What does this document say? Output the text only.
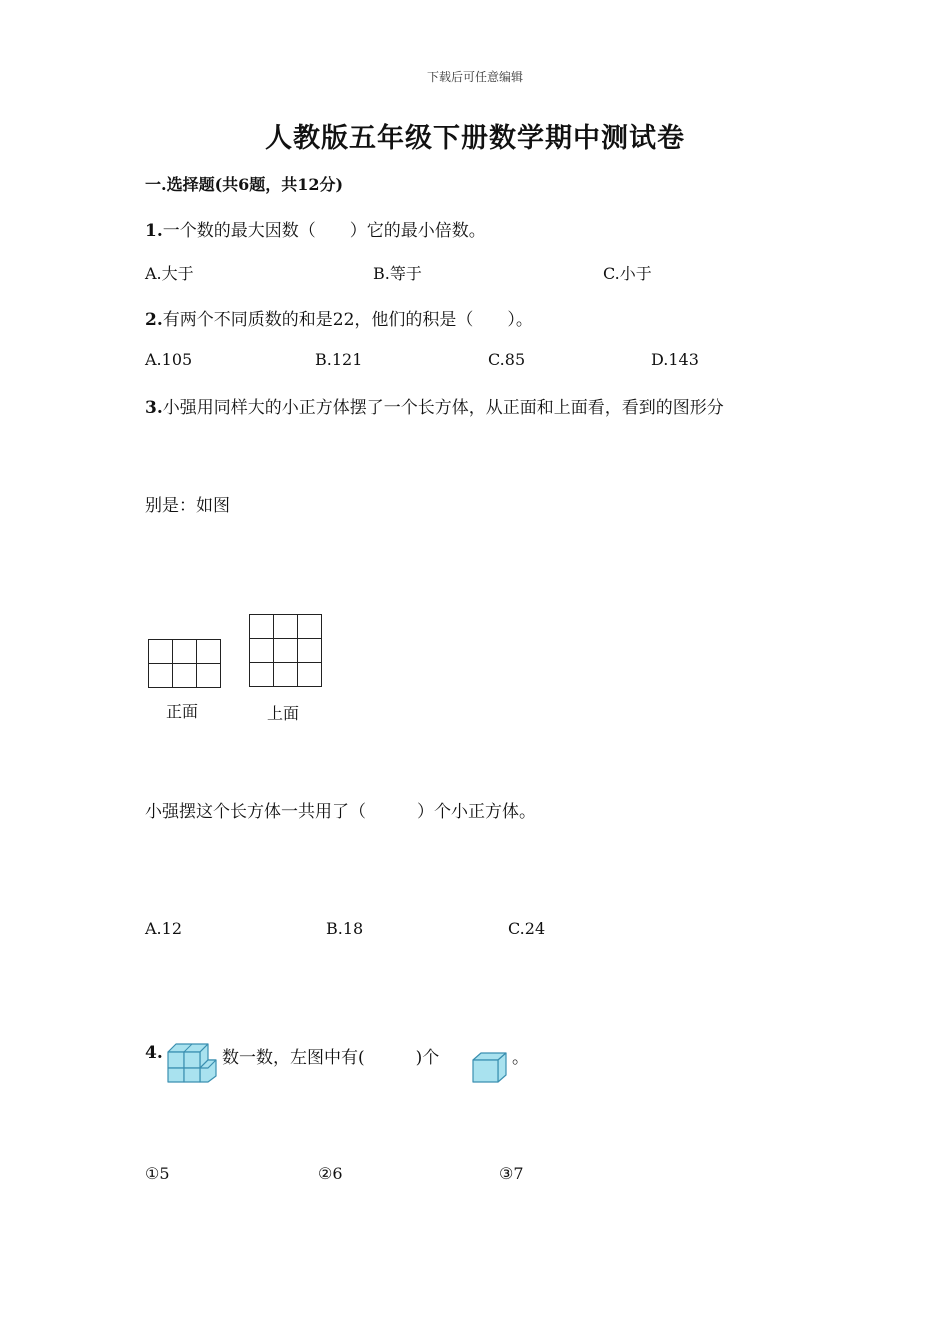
下载后可任意编辑
人教版五年级下册数学期中测试卷
一.选择题(共6题，共12分)
1.一个数的最大因数（　　）它的最小倍数。
A.大于	B.等于	C.小于
2.有两个不同质数的和是22，他们的积是（　　）。
A.105	B.121	C.85	D.143
3.小强用同样大的小正方体摆了一个长方体，从正面和上面看，看到的图形分
别是：如图

正面

			上面
小强摆这个长方体一共用了（　　　）个小正方体。
A.12	B.18	C.24
4.	数一数，左图中有(　　　)个	。
①5	②6	③7
